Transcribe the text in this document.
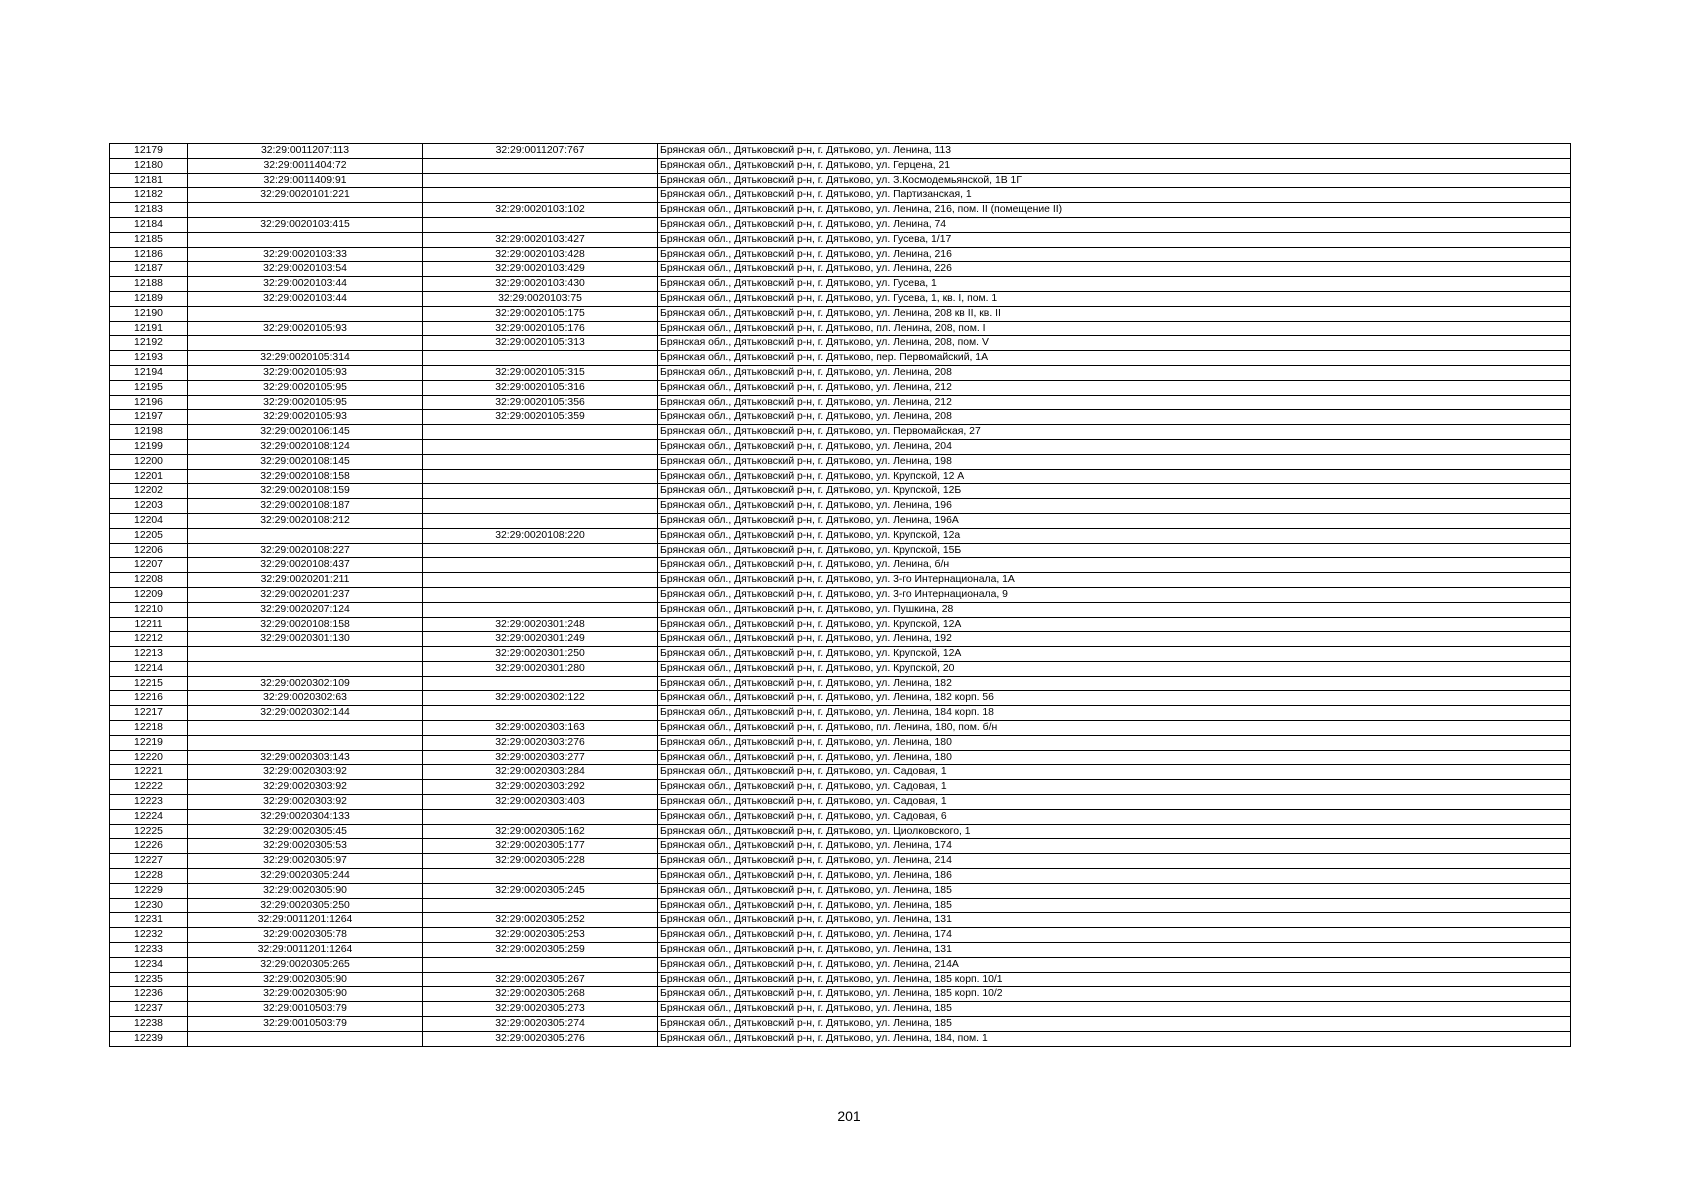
12179	32:29:0011207:113	32:29:0011207:767	Брянская обл., Дятьковский р-н, г. Дятьково, ул. Ленина, 113
12180	32:29:0011404:72		Брянская обл., Дятьковский р-н, г. Дятьково, ул. Герцена, 21
12181	32:29:0011409:91		Брянская обл., Дятьковский р-н, г. Дятьково, ул. З.Космодемьянской, 1В 1Г
12182	32:29:0020101:221		Брянская обл., Дятьковский р-н, г. Дятьково, ул. Партизанская, 1
12183		32:29:0020103:102	Брянская обл., Дятьковский р-н, г. Дятьково, ул. Ленина, 216, пом. II (помещение II)
12184	32:29:0020103:415		Брянская обл., Дятьковский р-н, г. Дятьково, ул. Ленина, 74
12185		32:29:0020103:427	Брянская обл., Дятьковский р-н, г. Дятьково, ул. Гусева, 1/17
12186	32:29:0020103:33	32:29:0020103:428	Брянская обл., Дятьковский р-н, г. Дятьково, ул. Ленина, 216
12187	32:29:0020103:54	32:29:0020103:429	Брянская обл., Дятьковский р-н, г. Дятьково, ул. Ленина, 226
12188	32:29:0020103:44	32:29:0020103:430	Брянская обл., Дятьковский р-н, г. Дятьково, ул. Гусева, 1
12189	32:29:0020103:44	32:29:0020103:75	Брянская обл., Дятьковский р-н, г. Дятьково, ул. Гусева, 1, кв. I, пом. 1
12190		32:29:0020105:175	Брянская обл., Дятьковский р-н, г. Дятьково, ул. Ленина, 208 кв II, кв. II
12191	32:29:0020105:93	32:29:0020105:176	Брянская обл., Дятьковский р-н, г. Дятьково, пл. Ленина, 208, пом. I
12192		32:29:0020105:313	Брянская обл., Дятьковский р-н, г. Дятьково, ул. Ленина, 208, пом. V
12193	32:29:0020105:314		Брянская обл., Дятьковский р-н, г. Дятьково, пер. Первомайский, 1А
12194	32:29:0020105:93	32:29:0020105:315	Брянская обл., Дятьковский р-н, г. Дятьково, ул. Ленина, 208
12195	32:29:0020105:95	32:29:0020105:316	Брянская обл., Дятьковский р-н, г. Дятьково, ул. Ленина, 212
12196	32:29:0020105:95	32:29:0020105:356	Брянская обл., Дятьковский р-н, г. Дятьково, ул. Ленина, 212
12197	32:29:0020105:93	32:29:0020105:359	Брянская обл., Дятьковский р-н, г. Дятьково, ул. Ленина, 208
12198	32:29:0020106:145		Брянская обл., Дятьковский р-н, г. Дятьково, ул. Первомайская, 27
12199	32:29:0020108:124		Брянская обл., Дятьковский р-н, г. Дятьково, ул. Ленина, 204
12200	32:29:0020108:145		Брянская обл., Дятьковский р-н, г. Дятьково, ул. Ленина, 198
12201	32:29:0020108:158		Брянская обл., Дятьковский р-н, г. Дятьково, ул. Крупской, 12 А
12202	32:29:0020108:159		Брянская обл., Дятьковский р-н, г. Дятьково, ул. Крупской, 12Б
12203	32:29:0020108:187		Брянская обл., Дятьковский р-н, г. Дятьково, ул. Ленина, 196
12204	32:29:0020108:212		Брянская обл., Дятьковский р-н, г. Дятьково, ул. Ленина, 196А
12205		32:29:0020108:220	Брянская обл., Дятьковский р-н, г. Дятьково, ул. Крупской, 12а
12206	32:29:0020108:227		Брянская обл., Дятьковский р-н, г. Дятьково, ул. Крупской, 15Б
12207	32:29:0020108:437		Брянская обл., Дятьковский р-н, г. Дятьково, ул. Ленина, б/н
12208	32:29:0020201:211		Брянская обл., Дятьковский р-н, г. Дятьково, ул. 3-го Интернационала, 1А
12209	32:29:0020201:237		Брянская обл., Дятьковский р-н, г. Дятьково, ул. 3-го Интернационала, 9
12210	32:29:0020207:124		Брянская обл., Дятьковский р-н, г. Дятьково, ул. Пушкина, 28
12211	32:29:0020108:158	32:29:0020301:248	Брянская обл., Дятьковский р-н, г. Дятьково, ул. Крупской, 12А
12212	32:29:0020301:130	32:29:0020301:249	Брянская обл., Дятьковский р-н, г. Дятьково, ул. Ленина, 192
12213		32:29:0020301:250	Брянская обл., Дятьковский р-н, г. Дятьково, ул. Крупской, 12А
12214		32:29:0020301:280	Брянская обл., Дятьковский р-н, г. Дятьково, ул. Крупской, 20
12215	32:29:0020302:109		Брянская обл., Дятьковский р-н, г. Дятьково, ул. Ленина, 182
12216	32:29:0020302:63	32:29:0020302:122	Брянская обл., Дятьковский р-н, г. Дятьково, ул. Ленина, 182 корп. 56
12217	32:29:0020302:144		Брянская обл., Дятьковский р-н, г. Дятьково, ул. Ленина, 184 корп. 18
12218		32:29:0020303:163	Брянская обл., Дятьковский р-н, г. Дятьково, пл. Ленина, 180, пом. б/н
12219		32:29:0020303:276	Брянская обл., Дятьковский р-н, г. Дятьково, ул. Ленина, 180
12220	32:29:0020303:143	32:29:0020303:277	Брянская обл., Дятьковский р-н, г. Дятьково, ул. Ленина, 180
12221	32:29:0020303:92	32:29:0020303:284	Брянская обл., Дятьковский р-н, г. Дятьково, ул. Садовая, 1
12222	32:29:0020303:92	32:29:0020303:292	Брянская обл., Дятьковский р-н, г. Дятьково, ул. Садовая, 1
12223	32:29:0020303:92	32:29:0020303:403	Брянская обл., Дятьковский р-н, г. Дятьково, ул. Садовая, 1
12224	32:29:0020304:133		Брянская обл., Дятьковский р-н, г. Дятьково, ул. Садовая, 6
12225	32:29:0020305:45	32:29:0020305:162	Брянская обл., Дятьковский р-н, г. Дятьково, ул. Циолковского, 1
12226	32:29:0020305:53	32:29:0020305:177	Брянская обл., Дятьковский р-н, г. Дятьково, ул. Ленина, 174
12227	32:29:0020305:97	32:29:0020305:228	Брянская обл., Дятьковский р-н, г. Дятьково, ул. Ленина, 214
12228	32:29:0020305:244		Брянская обл., Дятьковский р-н, г. Дятьково, ул. Ленина, 186
12229	32:29:0020305:90	32:29:0020305:245	Брянская обл., Дятьковский р-н, г. Дятьково, ул. Ленина, 185
12230	32:29:0020305:250		Брянская обл., Дятьковский р-н, г. Дятьково, ул. Ленина, 185
12231	32:29:0011201:1264	32:29:0020305:252	Брянская обл., Дятьковский р-н, г. Дятьково, ул. Ленина, 131
12232	32:29:0020305:78	32:29:0020305:253	Брянская обл., Дятьковский р-н, г. Дятьково, ул. Ленина, 174
12233	32:29:0011201:1264	32:29:0020305:259	Брянская обл., Дятьковский р-н, г. Дятьково, ул. Ленина, 131
12234	32:29:0020305:265		Брянская обл., Дятьковский р-н, г. Дятьково, ул. Ленина, 214А
12235	32:29:0020305:90	32:29:0020305:267	Брянская обл., Дятьковский р-н, г. Дятьково, ул. Ленина, 185 корп. 10/1
12236	32:29:0020305:90	32:29:0020305:268	Брянская обл., Дятьковский р-н, г. Дятьково, ул. Ленина, 185 корп. 10/2
12237	32:29:0010503:79	32:29:0020305:273	Брянская обл., Дятьковский р-н, г. Дятьково, ул. Ленина, 185
12238	32:29:0010503:79	32:29:0020305:274	Брянская обл., Дятьковский р-н, г. Дятьково, ул. Ленина, 185
12239		32:29:0020305:276	Брянская обл., Дятьковский р-н, г. Дятьково, ул. Ленина, 184, пом. 1
201
